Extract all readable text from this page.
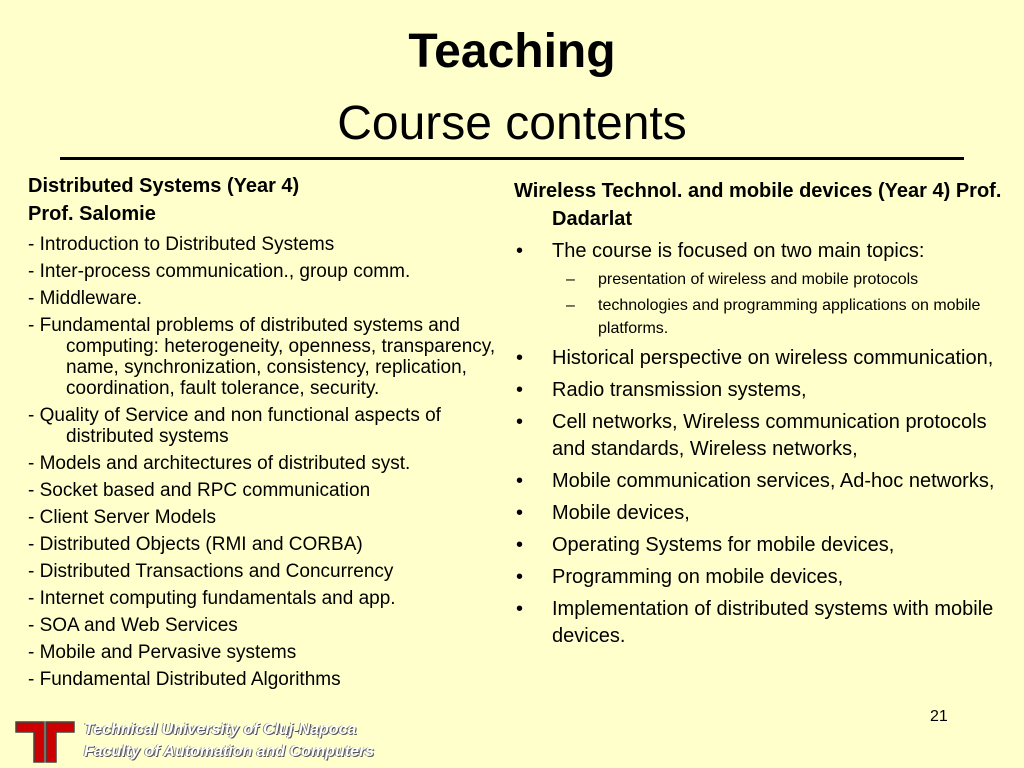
Teaching
Course contents
Distributed Systems (Year 4)
Prof. Salomie
- Introduction to Distributed Systems
- Inter-process communication., group comm.
- Middleware.
- Fundamental problems of distributed systems and computing: heterogeneity, openness, transparency, name, synchronization, consistency, replication, coordination, fault tolerance, security.
- Quality of Service and non functional aspects of distributed systems
- Models and architectures of distributed syst.
- Socket based and RPC communication
- Client Server Models
- Distributed Objects (RMI and CORBA)
- Distributed Transactions and Concurrency
- Internet computing fundamentals and app.
- SOA and Web Services
- Mobile and Pervasive systems
- Fundamental Distributed Algorithms
Wireless Technol. and mobile devices (Year 4) Prof. Dadarlat
• The course is focused on two main topics:
– presentation of wireless and mobile protocols
– technologies and programming applications on mobile platforms.
• Historical perspective on wireless communication,
• Radio transmission systems,
• Cell networks, Wireless communication protocols and standards, Wireless networks,
• Mobile communication services, Ad-hoc networks,
• Mobile devices,
• Operating Systems for mobile devices,
• Programming on mobile devices,
• Implementation of distributed systems with mobile devices.
21
Technical University of Cluj-Napoca
Faculty of Automation and Computers
